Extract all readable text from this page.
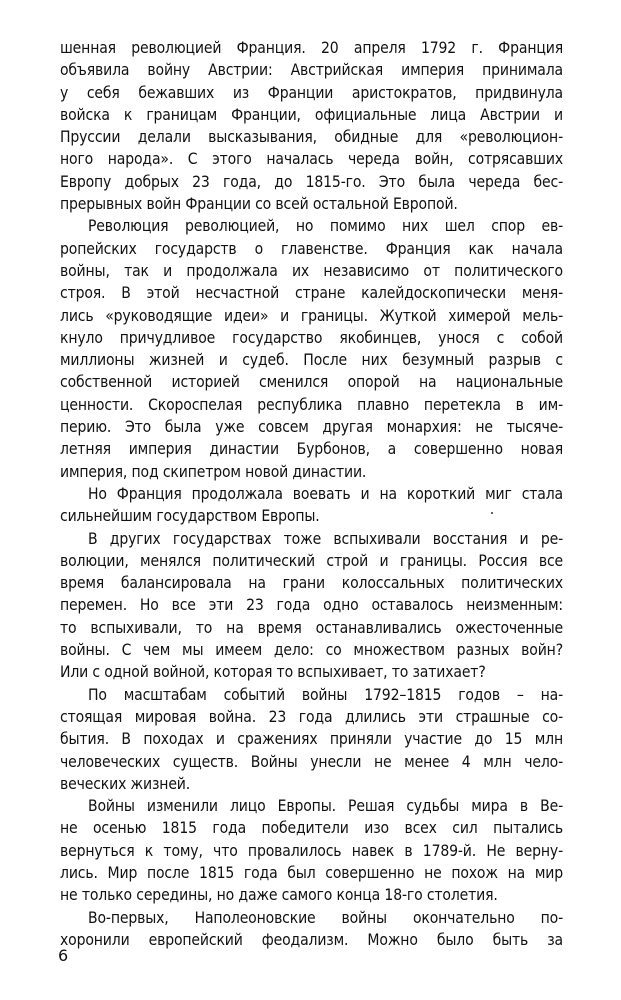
шенная революцией Франция. 20 апреля 1792 г. Франция
объявила войну Австрии: Австрийская империя принимала
у себя бежавших из Франции аристократов, придвинула
войска к границам Франции, официальные лица Австрии и
Пруссии делали высказывания, обидные для «революцион-
ного народа». С этого началась череда войн, сотрясавших
Европу добрых 23 года, до 1815-го. Это была череда бес-
прерывных войн Франции со всей остальной Европой.
Революция революцией, но помимо них шел спор ев-
ропейских государств о главенстве. Франция как начала
войны, так и продолжала их независимо от политического
строя. В этой несчастной стране калейдоскопически меня-
лись «руководящие идеи» и границы. Жуткой химерой мель-
кнуло причудливое государство якобинцев, унося с собой
миллионы жизней и судеб. После них безумный разрыв с
собственной историей сменился опорой на национальные
ценности. Скороспелая республика плавно перетекла в им-
перию. Это была уже совсем другая монархия: не тысяче-
летняя империя династии Бурбонов, а совершенно новая
империя, под скипетром новой династии.
Но Франция продолжала воевать и на короткий миг стала
сильнейшим государством Европы.
В других государствах тоже вспыхивали восстания и ре-
волюции, менялся политический строй и границы. Россия все
время балансировала на грани колоссальных политических
перемен. Но все эти 23 года одно оставалось неизменным:
то вспыхивали, то на время останавливались ожесточенные
войны. С чем мы имеем дело: со множеством разных войн?
Или с одной войной, которая то вспыхивает, то затихает?
По масштабам событий войны 1792–1815 годов – на-
стоящая мировая война. 23 года длились эти страшные со-
бытия. В походах и сражениях приняли участие до 15 млн
человеческих существ. Войны унесли не менее 4 млн чело-
веческих жизней.
Войны изменили лицо Европы. Решая судьбы мира в Ве-
не осенью 1815 года победители изо всех сил пытались
вернуться к тому, что провалилось навек в 1789-й. Не верну-
лись. Мир после 1815 года был совершенно не похож на мир
не только середины, но даже самого конца 18-го столетия.
Во-первых, Наполеоновские войны окончательно по-
хоронили европейский феодализм. Можно было быть за
6
